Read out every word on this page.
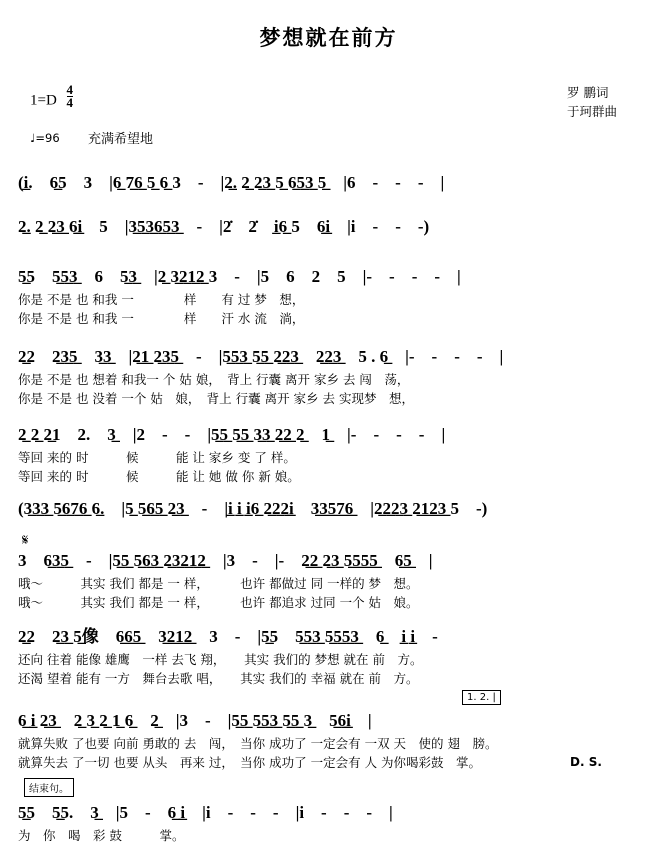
梦想就在前方
$1=D \frac{4}{4}$	罗 鹏词
于珂群曲
♩=96 充满希望地
(i̲.　6̲5　3　|6̲ 7̲6̲ 5̲ 6̲ 3　-　|2̲. 2̲ 2̲3̲ 5̲ 6̲5̲3̲ 5̲　|6　-　-　-　|
2̲. 2̲ 2̲3̲ 6̲i̲　5　|3̲5̲3̲6̲5̲3̲　-　|2̇　2̇　i̲6̲ 5　6̲i̲　|i　-　-　-)
5̲5　5̲5̲3̲　6　5̲3̲　|2̲ 3̲2̲1̲2̲ 3　-　|5　6　2　5　|-　-　-　-　|
你是 不是 也 和我 一　　　　样　　有 过 梦　想，
你是 不是 也 和我 一　　　　样　　汗 水 流　淌，
2̲2　2̲3̲5̲　3̲3̲　|2̲1̲ 2̲3̲5̲　-　|5̲5̲3̲ 5̲5̲ 2̲2̲3̲　2̲2̲3̲　5 . 6̲　|-　-　-　-　|
你是 不是 也 想着 和我一 个 姑 娘，　背上 行囊 离开 家乡 去 闯　荡，
你是 不是 也 没着 一个 姑　娘，　背上 行囊 离开 家乡 去 实现梦　想，
2̲ 2̲ 2̲1　2.　3̲　|2　-　-　|5̲5̲ 5̲5̲ 3̲3̲ 2̲2̲ 2̲　1̲　|-　-　-　-　|
等回 来的 时　　　候　　　能 让 家乡 变 了 样。
等回 来的 时　　　候　　　能 让 她 做 你 新 娘。
(3̲3̲3̲ 5̲6̲7̲6̲ 6̲.　|5̲ 5̲6̲5̲ 2̲3̲　-　|i̲ i̲ i̲6̲ 2̲2̲2̲i̲　3̲3̲5̲7̲6̲　|2̲2̲2̲3̲ 2̲1̲2̲3̲ 5　-)
𝄋
3　6̲3̲5̲　-　|5̲5̲ 5̲6̲3̲ 2̲3̲2̲1̲2̲　|3　-　|-　2̲2̲ 2̲3̲ 5̲5̲5̲5̲　6̲5̲　|
哦～　　　其实 我们 都是 一 样，　　　也许 都做过 同 一样的 梦　想。
哦～　　　其实 我们 都是 一 样，　　　也许 都追求 过同 一个 姑　娘。
2̲2　2̲3̲ 5̲像　6̲6̲5̲　3̲2̲1̲2̲　3　-　|5̲5　5̲5̲3̲ 5̲5̲5̲3̲　6̲　i̲ i̲　-
还向 往着 能像 雄鹰　一样 去飞 翔，　　其实 我们的 梦想 就在 前　方。
还渴 望着 能有 一方　舞台去歌 唱，　　其实 我们的 幸福 就在 前　方。
1. 2. |
6̲ i̲ 2̲3̲　2̲ 3̲ 2̲ 1̲ 6̲　2̲　|3　-　|5̲5̲ 5̲5̲3̲ 5̲5̲ 3̲　5̲6̲i̲　|
就算失败 了也要 向前 勇敢的 去　闯，　当你 成功了 一定会有 一双 天　使的 翅　膀。
就算失去 了一切 也要 从头　再来 过，　当你 成功了 一定会有 人 为你喝彩鼓　掌。	D. S.
结束句。
5̲5　5̲5.　3̲　|5　-　6̲ i̲　|i　-　-　-　|i　-　-　-　|
为　你　喝　彩 鼓　　　掌。
